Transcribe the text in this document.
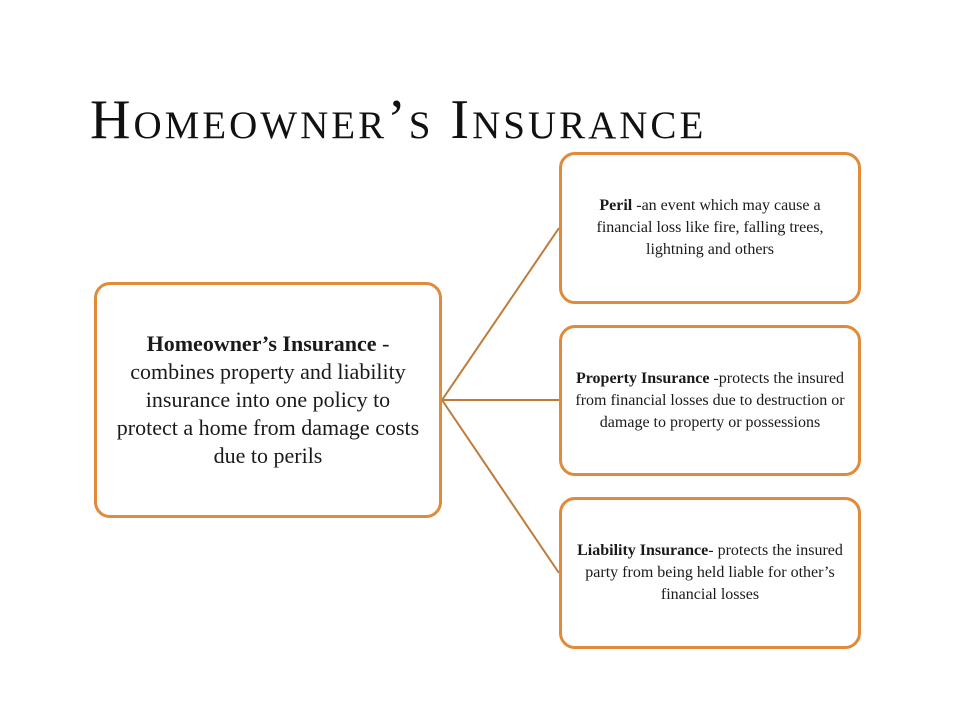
Homeowner’s Insurance
Homeowner’s Insurance - combines property and liability insurance into one policy to protect a home from damage costs due to perils
Peril -an event which may cause a financial loss like fire, falling trees, lightning and others
Property Insurance -protects the insured from financial losses due to destruction or damage to property or possessions
Liability Insurance- protects the insured party from being held liable for other’s financial losses
